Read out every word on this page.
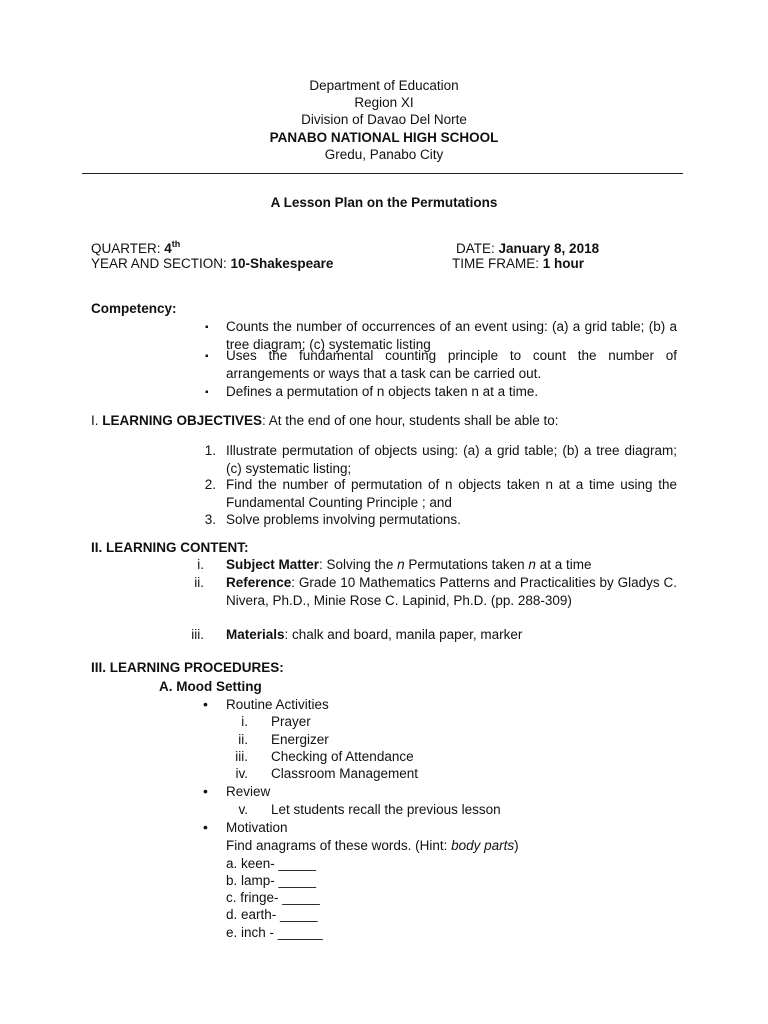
Department of Education
Region XI
Division of Davao Del Norte
PANABO NATIONAL HIGH SCHOOL
Gredu, Panabo City
A Lesson Plan on the Permutations
QUARTER: 4th	DATE: January 8, 2018
YEAR AND SECTION: 10-Shakespeare	TIME FRAME: 1 hour
Competency:
▪ Counts the number of occurrences of an event using: (a) a grid table; (b) a tree diagram; (c) systematic listing
▪ Uses the fundamental counting principle to count the number of arrangements or ways that a task can be carried out.
▪ Defines a permutation of n objects taken n at a time.
I. LEARNING OBJECTIVES: At the end of one hour, students shall be able to:
1. Illustrate permutation of objects using: (a) a grid table; (b) a tree diagram; (c) systematic listing;
2. Find the number of permutation of n objects taken n at a time using the Fundamental Counting Principle ; and
3. Solve problems involving permutations.
II. LEARNING CONTENT:
i. Subject Matter: Solving the n Permutations taken n at a time
ii. Reference: Grade 10 Mathematics Patterns and Practicalities by Gladys C. Nivera, Ph.D., Minie Rose C. Lapinid, Ph.D. (pp. 288-309)
iii. Materials: chalk and board, manila paper, marker
III. LEARNING PROCEDURES:
A. Mood Setting
• Routine Activities
i. Prayer
ii. Energizer
iii. Checking of Attendance
iv. Classroom Management
• Review
v. Let students recall the previous lesson
• Motivation
Find anagrams of these words. (Hint: body parts)
a. keen- _____
b. lamp- _____
c. fringe- _____
d. earth- _____
e. inch - ______
